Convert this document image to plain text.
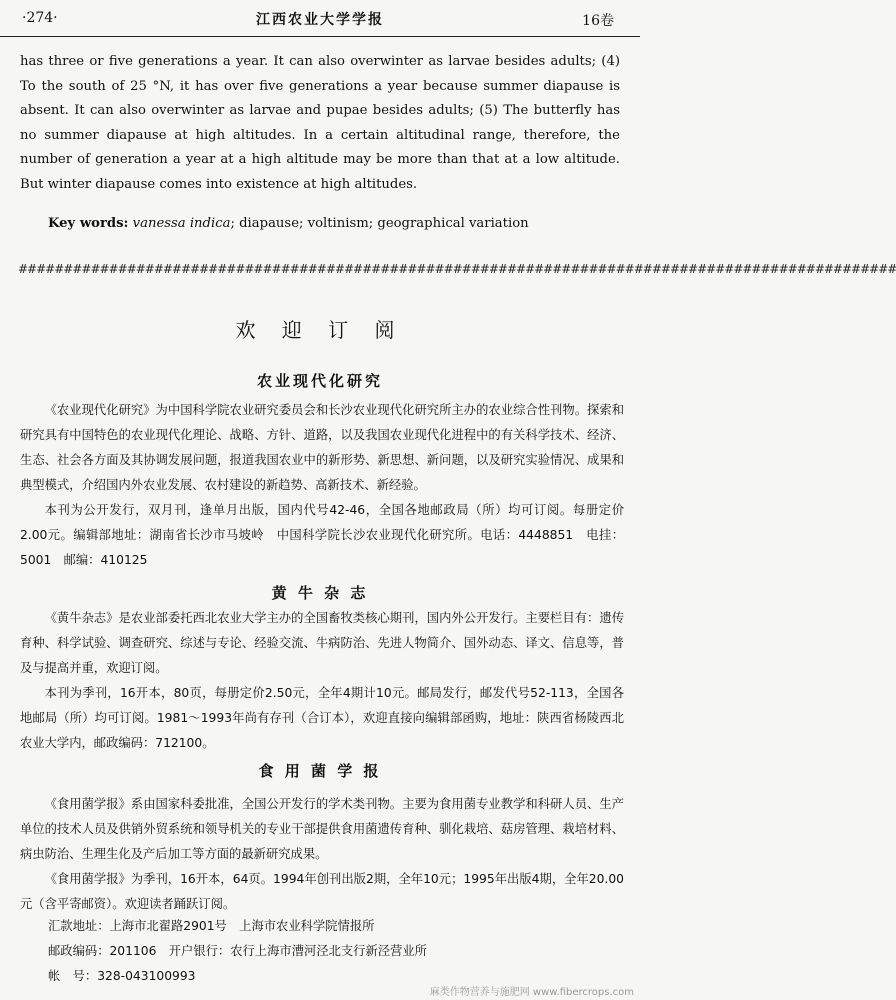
·274·	江西农业大学学报	16卷

has three or five generations a year. It can also overwinter as larvae besides adults; (4) To the south of 25 °N, it has over five generations a year because summer diapause is absent. It can also overwinter as larvae and pupae besides adults; (5) The butterfly has no summer diapause at high altitudes. In a certain altitudinal range, therefore, the number of generation a year at a high altitude may be more than that at a low altitude. But winter diapause comes into existence at high altitudes.

Key words: vanessa indica; diapause; voltinism; geographical variation
#################################################################################################
欢 迎 订 阅
农业现代化研究

《农业现代化研究》为中国科学院农业研究委员会和长沙农业现代化研究所主办的农业综合性刊物。探索和研究具有中国特色的农业现代化理论、战略、方针、道路，以及我国农业现代化进程中的有关科学技术、经济、生态、社会各方面及其协调发展问题，报道我国农业中的新形势、新思想、新问题，以及研究实验情况、成果和典型模式，介绍国内外农业发展、农村建设的新趋势、高新技术、新经验。

本刊为公开发行，双月刊，逢单月出版，国内代号42-46，全国各地邮政局（所）均可订阅。每册定价2.00元。编辑部地址：湖南省长沙市马坡岭　中国科学院长沙农业现代化研究所。电话：4448851　电挂：5001　邮编：410125

黄 牛 杂 志

《黄牛杂志》是农业部委托西北农业大学主办的全国畜牧类核心期刊，国内外公开发行。主要栏目有：遗传育种、科学试验、调查研究、综述与专论、经验交流、牛病防治、先进人物简介、国外动态、译文、信息等，普及与提高并重，欢迎订阅。

本刊为季刊，16开本，80页，每册定价2.50元，全年4期计10元。邮局发行，邮发代号52-113，全国各地邮局（所）均可订阅。1981～1993年尚有存刊（合订本），欢迎直接向编辑部函购，地址：陕西省杨陵西北农业大学内，邮政编码：712100。

食 用 菌 学 报

《食用菌学报》系由国家科委批准，全国公开发行的学术类刊物。主要为食用菌专业教学和科研人员、生产单位的技术人员及供销外贸系统和领导机关的专业干部提供食用菌遗传育种、驯化栽培、菇房管理、栽培材料、病虫防治、生理生化及产后加工等方面的最新研究成果。

《食用菌学报》为季刊，16开本，64页。1994年创刊出版2期，全年10元；1995年出版4期，全年20.00元（含平寄邮资）。欢迎读者踊跃订阅。

汇款地址：上海市北翟路2901号　上海市农业科学院情报所
邮政编码：201106　开户银行：农行上海市漕河泾北支行新泾营业所
帐　号：328-043100993
麻类作物营养与施肥网 www.fibercrops.com
